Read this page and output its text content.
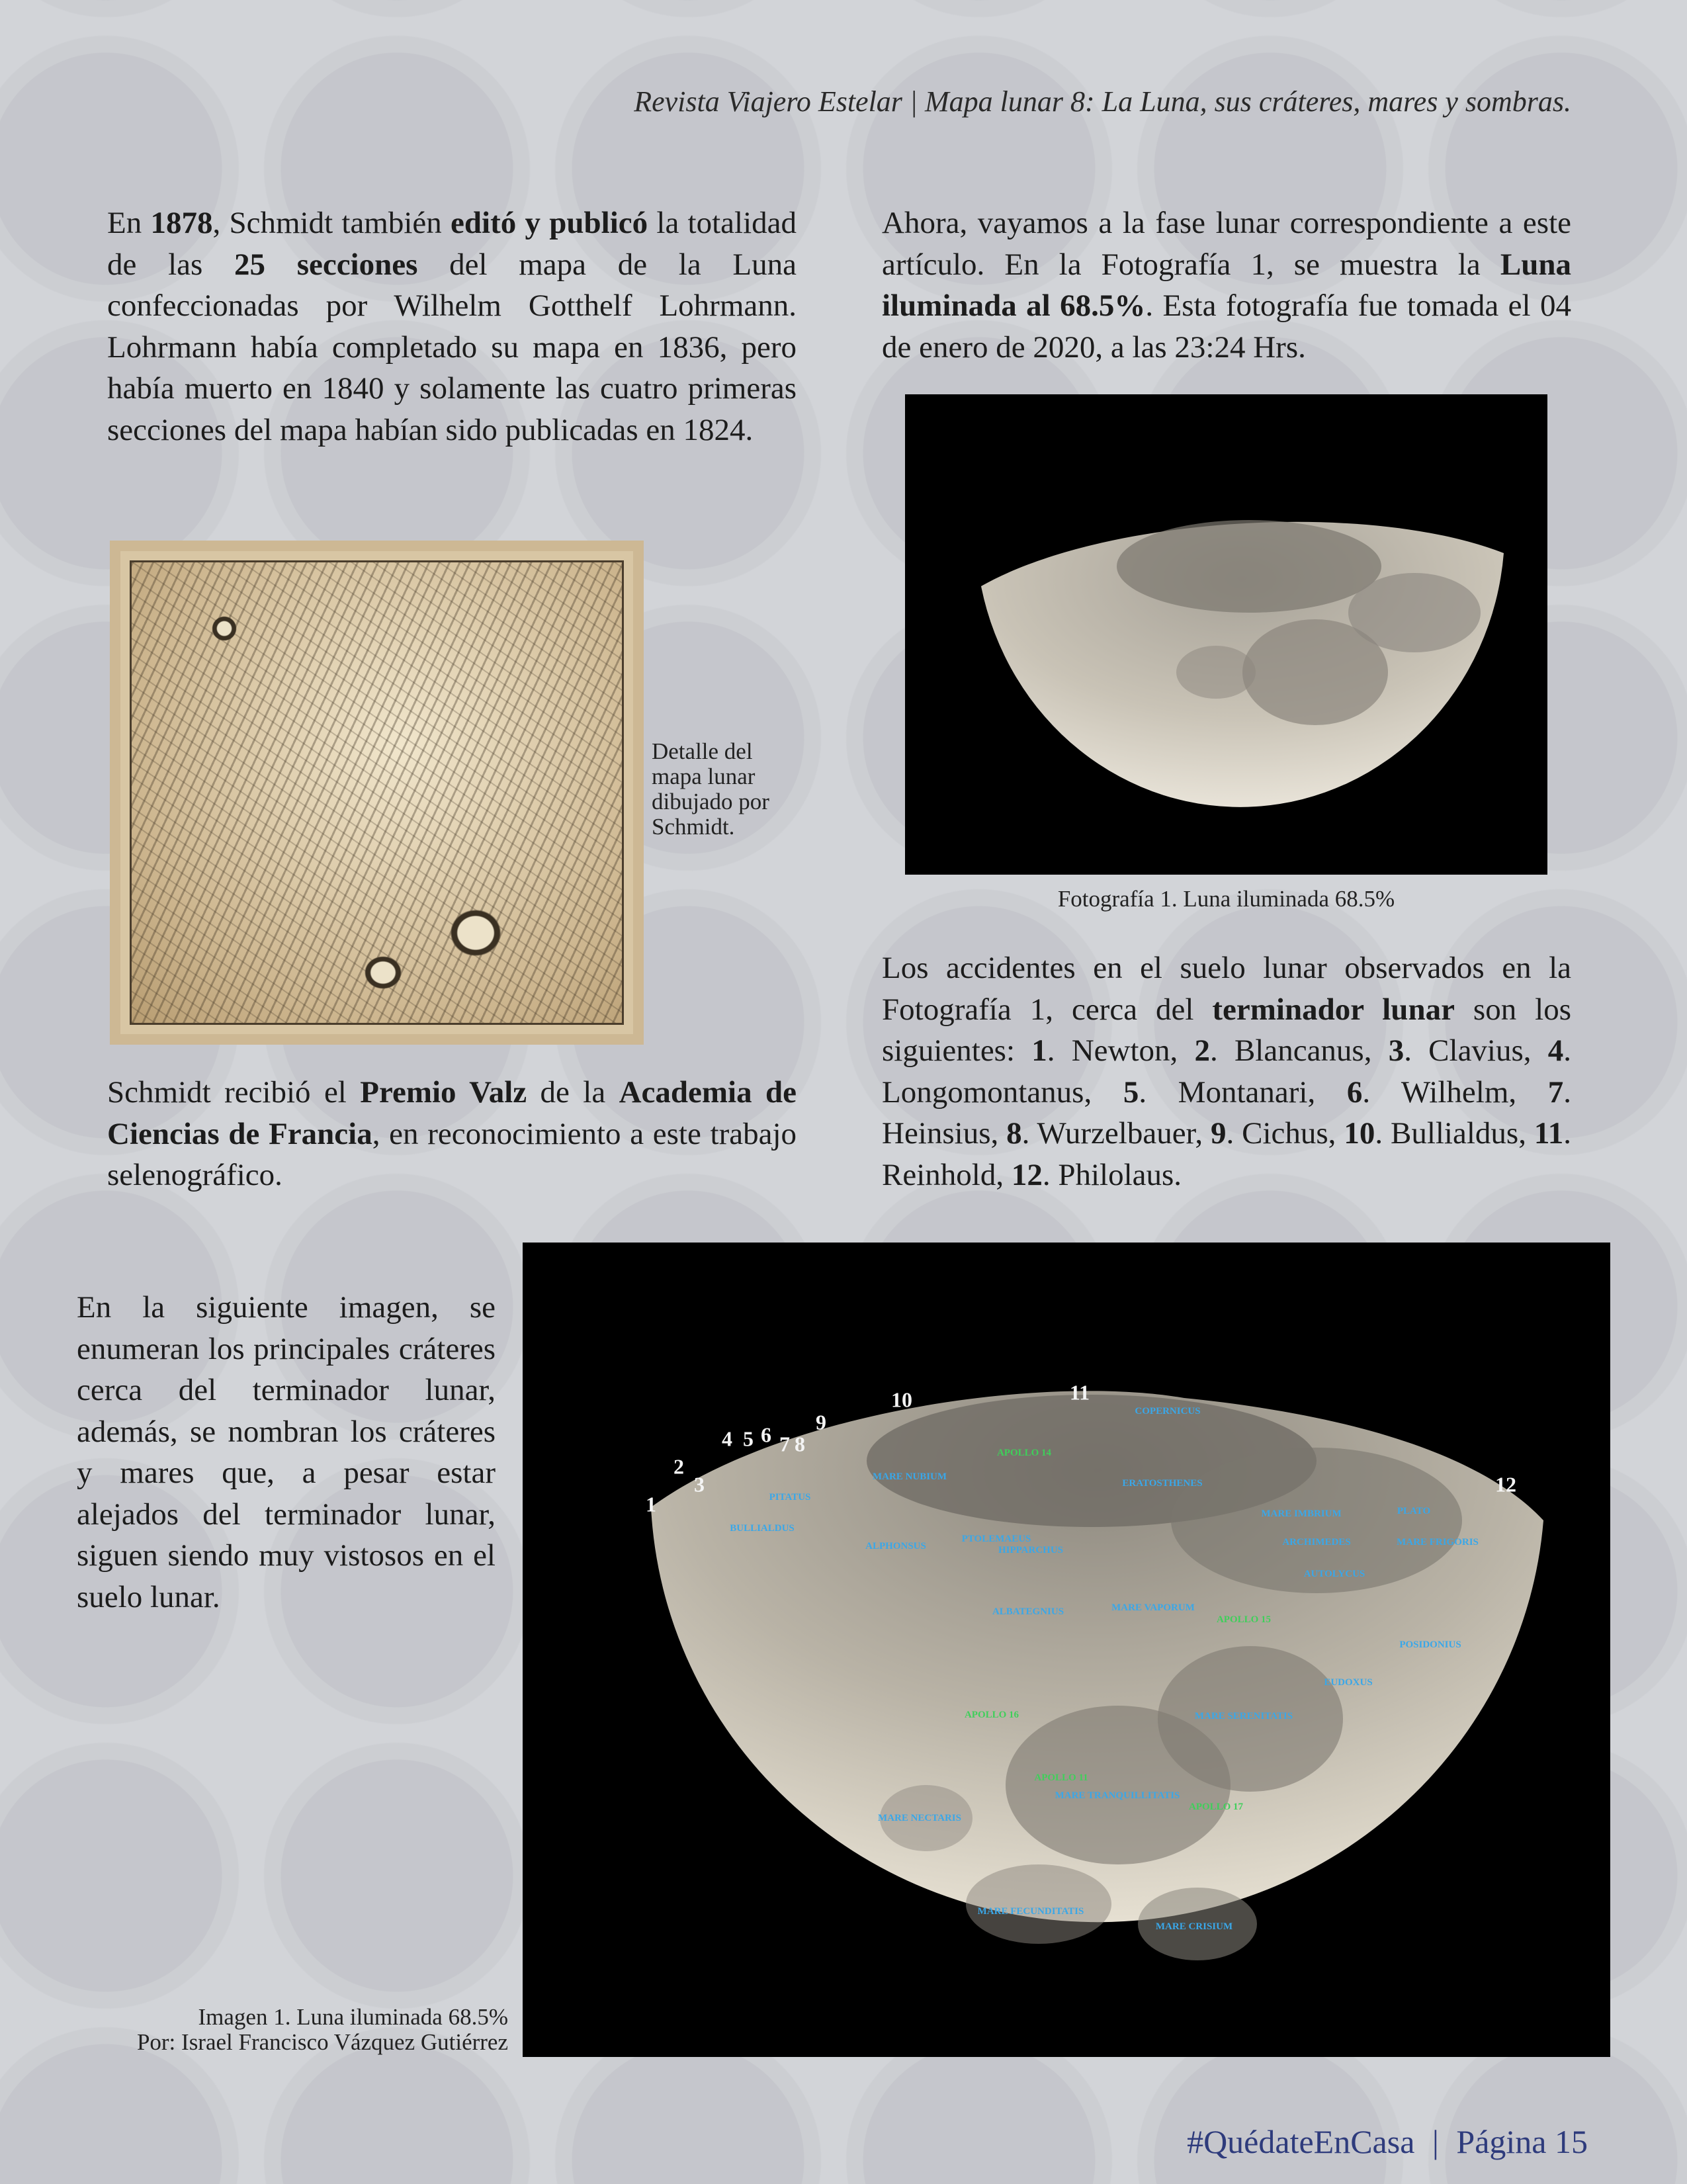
Revista Viajero Estelar | Mapa lunar 8: La Luna, sus cráteres, mares y sombras.
En 1878, Schmidt también editó y publicó la totalidad de las 25 secciones del mapa de la Luna confeccionadas por Wilhelm Gotthelf Lohrmann. Lohrmann había completado su mapa en 1836, pero había muerto en 1840 y solamente las cuatro primeras secciones del mapa habían sido publicadas en 1824.
Detalle del mapa lunar dibujado por Schmidt.
Schmidt recibió el Premio Valz de la Academia de Ciencias de Francia, en reconocimiento a este trabajo selenográfico.
Ahora, vayamos a la fase lunar correspondiente a este artículo. En la Fotografía 1, se muestra la Luna iluminada al 68.5%. Esta fotografía fue tomada el 04 de enero de 2020, a las 23:24 Hrs.
Fotografía 1. Luna iluminada 68.5%
Los accidentes en el suelo lunar observados en la Fotografía 1, cerca del terminador lunar son los siguientes: 1. Newton, 2. Blancanus, 3. Clavius, 4. Longomontanus, 5. Montanari, 6. Wilhelm, 7. Heinsius, 8. Wurzelbauer, 9. Cichus, 10. Bullialdus, 11. Reinhold, 12. Philolaus.
En la siguiente imagen, se enumeran los principales cráteres cerca del terminador lunar, además, se nombran los cráteres y mares que, a pesar estar alejados del terminador lunar, siguen siendo muy vistosos en el suelo lunar.
1
2
3
4 5 6 7 8
9
10	11
12
COPERNICUS
MARE NUBIUM
APOLLO 14
ERATOSTHENES
MARE IMBRIUM	PLATO
ARCHIMEDES	MARE FRIGORIS
AUTOLYCUS
APOLLO 15
MARE VAPORUM
POSIDONIUS
EUDOXUS
MARE SERENITATIS
APOLLO 16
APOLLO 11
MARE TRANQUILLITATIS
APOLLO 17
MARE NECTARIS
MARE FECUNDITATIS
MARE CRISIUM
PITATUS
BULLIALDUS
ALPHONSUS
PTOLEMAEUS
HIPPARCHUS
ALBATEGNIUS
Imagen 1. Luna iluminada 68.5%
Por: Israel Francisco Vázquez Gutiérrez
#QuédateEnCasa | Página 15
